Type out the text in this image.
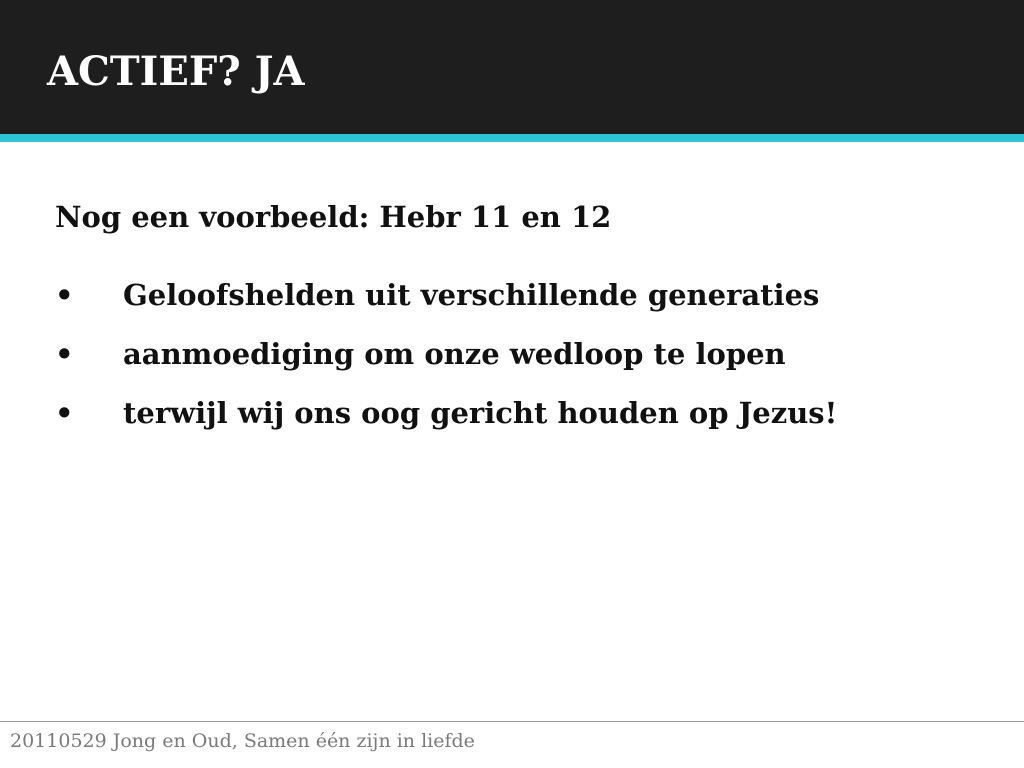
ACTIEF? JA
Nog een voorbeeld: Hebr 11 en 12
•	Geloofshelden uit verschillende generaties
•	aanmoediging om onze wedloop te lopen
•	terwijl wij ons oog gericht houden op Jezus!
20110529 Jong en Oud, Samen één zijn in liefde
